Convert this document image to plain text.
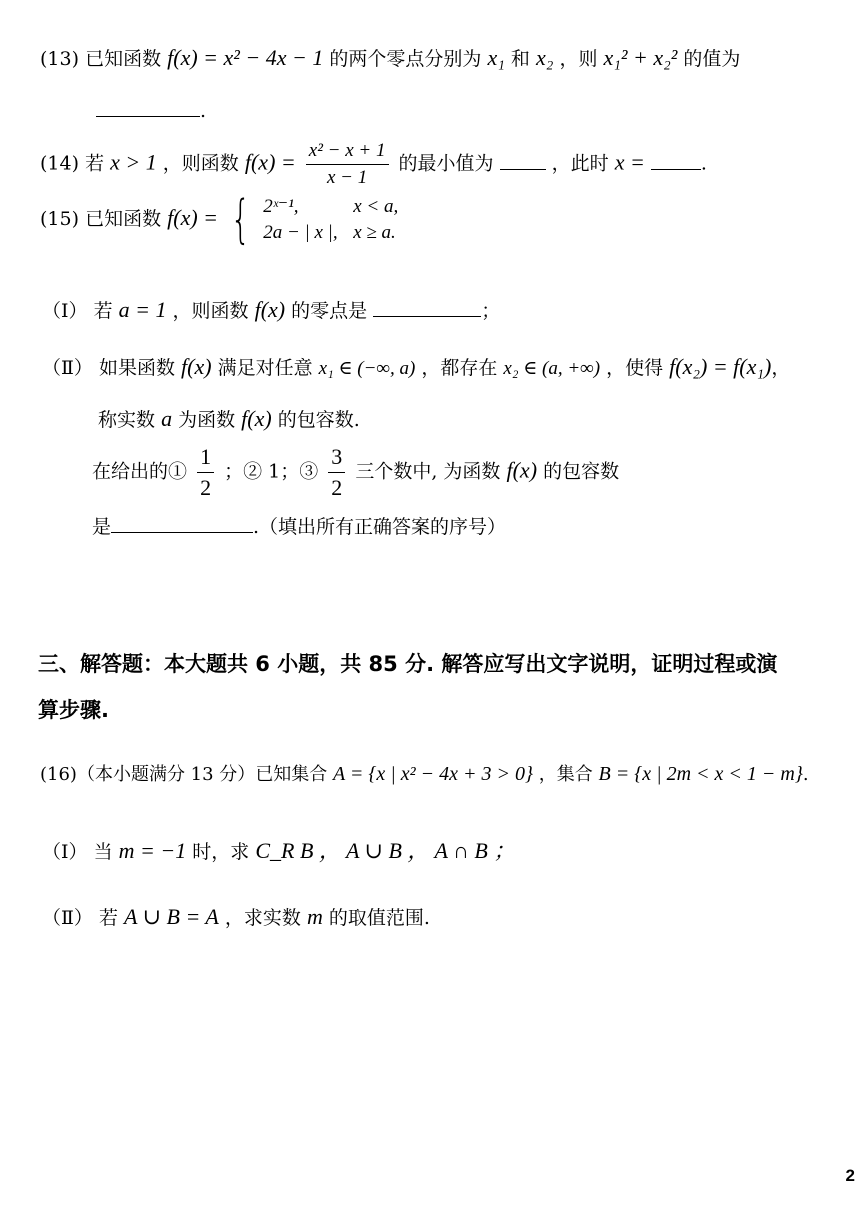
(13) 已知函数 f(x) = x² − 4x − 1 的两个零点分别为 x₁ 和 x₂ ，则 x₁² + x₂² 的值为
.
(14) 若 x > 1 ，则函数 $f(x) = \frac{\text{x² − x + 1}}{x - 1}$ 的最小值为	，此时 x =	.
(15) 已知函数 f(x) = { 2ˣ⁻¹,	x < a,
2a − | x |, x ≥ a.
（Ⅰ） 若 a = 1 ，则函数 f(x) 的零点是	；
（Ⅱ） 如果函数 f(x) 满足对任意 x₁ ∈ (−∞, a) ，都存在 x₂ ∈ (a, +∞) ，使得 f(x₂) = f(x₁)，
称实数 a 为函数 f(x) 的包容数.
在给出的① $\frac{1}{2}$ ；② 1；③ $\frac{3}{2}$ 三个数中, 为函数 f(x) 的包容数
是	.（填出所有正确答案的序号）
三、解答题：本大题共 6 小题，共 85 分. 解答应写出文字说明，证明过程或演
算步骤.
(16)（本小题满分 13 分）已知集合 A = {x | x² − 4x + 3 > 0} ，集合 B = {x | 2m < x < 1 − m}.
（Ⅰ） 当 m = −1 时，求 C_R B ， A ∪ B ， A ∩ B ；
（Ⅱ） 若 A ∪ B = A ，求实数 m 的取值范围.
2
